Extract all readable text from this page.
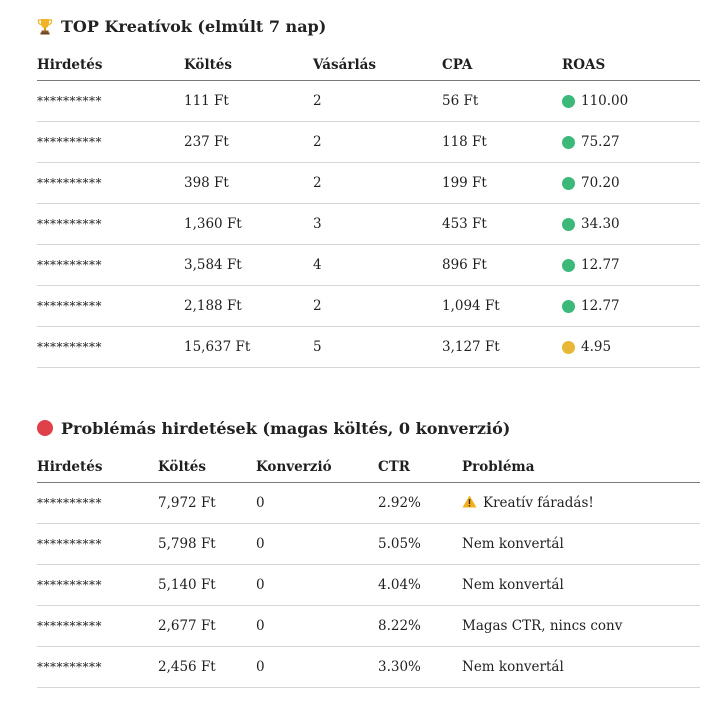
TOP Kreatívok (elmúlt 7 nap)
Hirdetés	Költés	Vásárlás	CPA	ROAS
**********	111 Ft	2	56 Ft	110.00
**********	237 Ft	2	118 Ft	75.27
**********	398 Ft	2	199 Ft	70.20
**********	1,360 Ft	3	453 Ft	34.30
**********	3,584 Ft	4	896 Ft	12.77
**********	2,188 Ft	2	1,094 Ft	12.77
**********	15,637 Ft	5	3,127 Ft	4.95
Problémás hirdetések (magas költés, 0 konverzió)
Hirdetés	Költés	Konverzió	CTR	Probléma
**********	7,972 Ft	0	2.92%	Kreatív fáradás!
**********	5,798 Ft	0	5.05%	Nem konvertál
**********	5,140 Ft	0	4.04%	Nem konvertál
**********	2,677 Ft	0	8.22%	Magas CTR, nincs conv
**********	2,456 Ft	0	3.30%	Nem konvertál
